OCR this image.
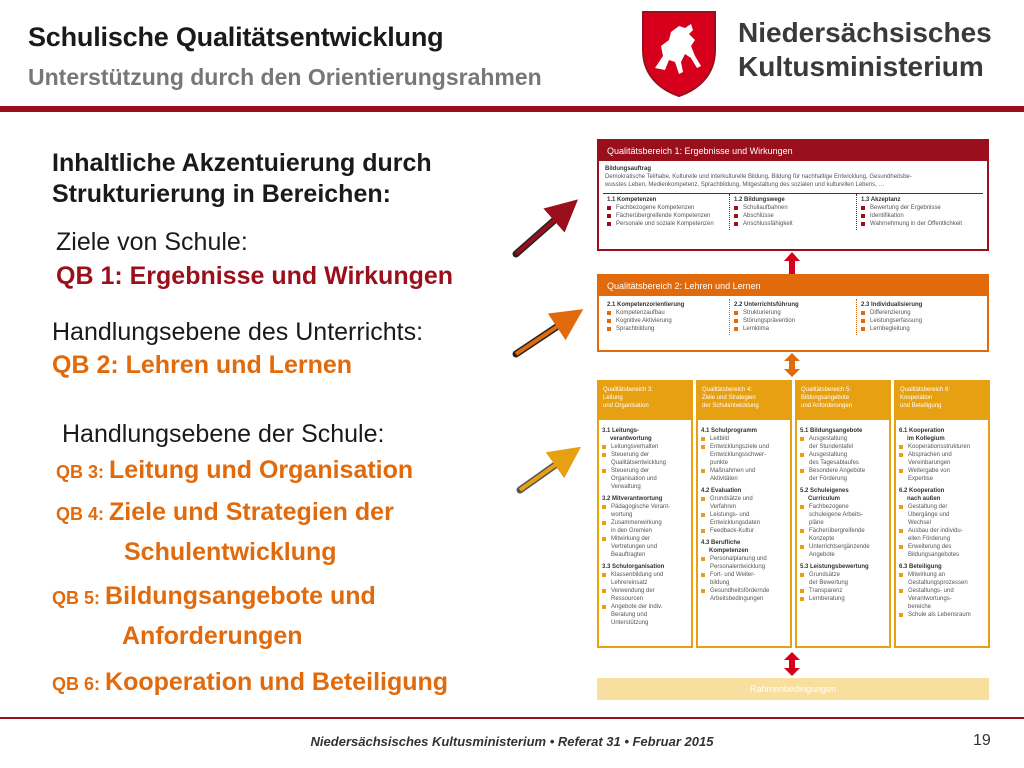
Schulische Qualitätsentwicklung
Unterstützung durch den Orientierungsrahmen
Niedersächsisches
Kultusministerium
Inhaltliche Akzentuierung durch
Strukturierung in Bereichen:
Ziele von Schule:
QB 1: Ergebnisse und Wirkungen
Handlungsebene des Unterrichts:
QB 2: Lehren und Lernen
Handlungsebene der Schule:
QB 3: Leitung und Organisation
QB 4: Ziele und Strategien der
Schulentwicklung
QB 5: Bildungsangebote und
Anforderungen
QB 6: Kooperation und Beteiligung
Qualitätsbereich 1: Ergebnisse und Wirkungen
Bildungsauftrag
Demokratische Teilhabe, Kulturelle und interkulturelle Bildung, Bildung für nachhaltige Entwicklung, Gesundheitsbe-
wusstes Leben, Medienkompetenz, Sprachbildung, Mitgestaltung des sozialen und kulturellen Lebens, …
1.1 Kompetenzen
Fachbezogene Kompetenzen
Fächerübergreifende Kompetenzen
Personale und soziale Kompetenzen
1.2 Bildungswege
Schullaufbahnen
Abschlüsse
Anschlussfähigkeit
1.3 Akzeptanz
Bewertung der Ergebnisse
Identifikation
Wahrnehmung in der Öffentlichkeit
Qualitätsbereich 2: Lehren und Lernen
2.1 Kompetenzorientierung
Kompetenzaufbau
Kognitive Aktivierung
Sprachbildung
2.2 Unterrichtsführung
Strukturierung
Störungsprävention
Lernklima
2.3 Individualisierung
Differenzierung
Leistungserfassung
Lernbegleitung
Qualitätsbereich 3:
Leitung
und Organisation
3.1 Leitungs-
verantwortung
Leitungsverhalten
Steuerung der
Qualitätsentwicklung
Steuerung der
Organisation und
Verwaltung
3.2 Mitverantwortung
Pädagogische Verant-
wortung
Zusammenwirkung
in den Gremien
Mitwirkung der
Vertretungen und
Beauftragten
3.3 Schulorganisation
Klassenbildung und
Lehrereinsatz
Verwendung der
Ressourcen
Angebote der indiv.
Beratung und
Unterstützung
Qualitätsbereich 4:
Ziele und Strategien
der Schulentwicklung
4.1 Schulprogramm
Leitbild
Entwicklungsziele und
Entwicklungsschwer-
punkte
Maßnahmen und
Aktivitäten
4.2 Evaluation
Grundsätze und
Verfahren
Leistungs- und
Entwicklungsdaten
Feedback-Kultur
4.3 Berufliche
Kompetenzen
Personalplanung und
Personalentwicklung
Fort- und Weiter-
bildung
Gesundheitsfördernde
Arbeitsbedingungen
Qualitätsbereich 5:
Bildungsangebote
und Anforderungen
5.1 Bildungsangebote
Ausgestaltung
der Stundentafel
Ausgestaltung
des Tagesablaufes
Besondere Angebote
der Förderung
5.2 Schuleigenes
Curriculum
Fachbezogene
schuleigene Arbeits-
pläne
Fächerübergreifende
Konzepte
Unterrichtsergänzende
Angebote
5.3 Leistungsbewertung
Grundsätze
der Bewertung
Transparenz
Lernberatung
Qualitätsbereich 6:
Kooperation
und Beteiligung
6.1 Kooperation
im Kollegium
Kooperationsstrukturen
Absprachen und
Vereinbarungen
Weitergabe von
Expertise
6.2 Kooperation
nach außen
Gestaltung der
Übergänge und
Wechsel
Ausbau der individu-
ellen Förderung
Erweiterung des
Bildungsangebotes
6.3 Beteiligung
Mitwirkung an
Gestaltungsprozessen
Gestaltungs- und
Verantwortungs-
bereiche
Schule als Lebensraum
Rahmenbedingungen
Niedersächsisches Kultusministerium • Referat 31 • Februar 2015	19
